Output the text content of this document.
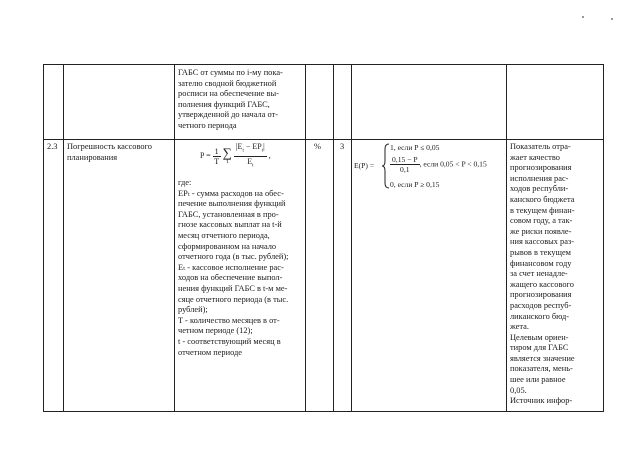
ГАБС от суммы по i-му пока-
зателю сводной бюджетной
росписи на обеспечение вы-
полнения функций ГАБС,
утвержденной до начала от-
четного периода
2.3 Погрешность кассового
планирования	$P = \frac{1}{T}$
∑
t
$\frac{|E_t - EP_t|}{E_t}$ ,
где:
EPₜ - сумма расходов на обес-
печение выполнения функций
ГАБС, установленная в про-
гнозе кассовых выплат на t-й
месяц отчетного периода,
сформированном на начало
отчетного года (в тыс. рублей);
Eₜ - кассовое исполнение рас-
ходов на обеспечение выпол-
нения функций ГАБС в t-м ме-
сяце отчетного периода (в тыс.
рублей);
T - количество месяцев в от-
четном периоде (12);
t - соответствующий месяц в
отчетном периоде
% 3
E(P) =
1, если P ≤ 0,05
$\frac{0,15 - P}{0,1}$ , если 0,05 < P < 0,15
0, если P ≥ 0,15
Показатель отра-
жает качество
прогнозирования
исполнения рас-
ходов республи-
канского бюджета
в текущем финан-
совом году, а так-
же риски появле-
ния кассовых раз-
рывов в текущем
финансовом году
за счет ненадле-
жащего кассового
прогнозирования
расходов респуб-
ликанского бюд-
жета.
Целевым ориен-
тиром для ГАБС
является значение
показателя, мень-
шее или равное
0,05.
Источник инфор-
